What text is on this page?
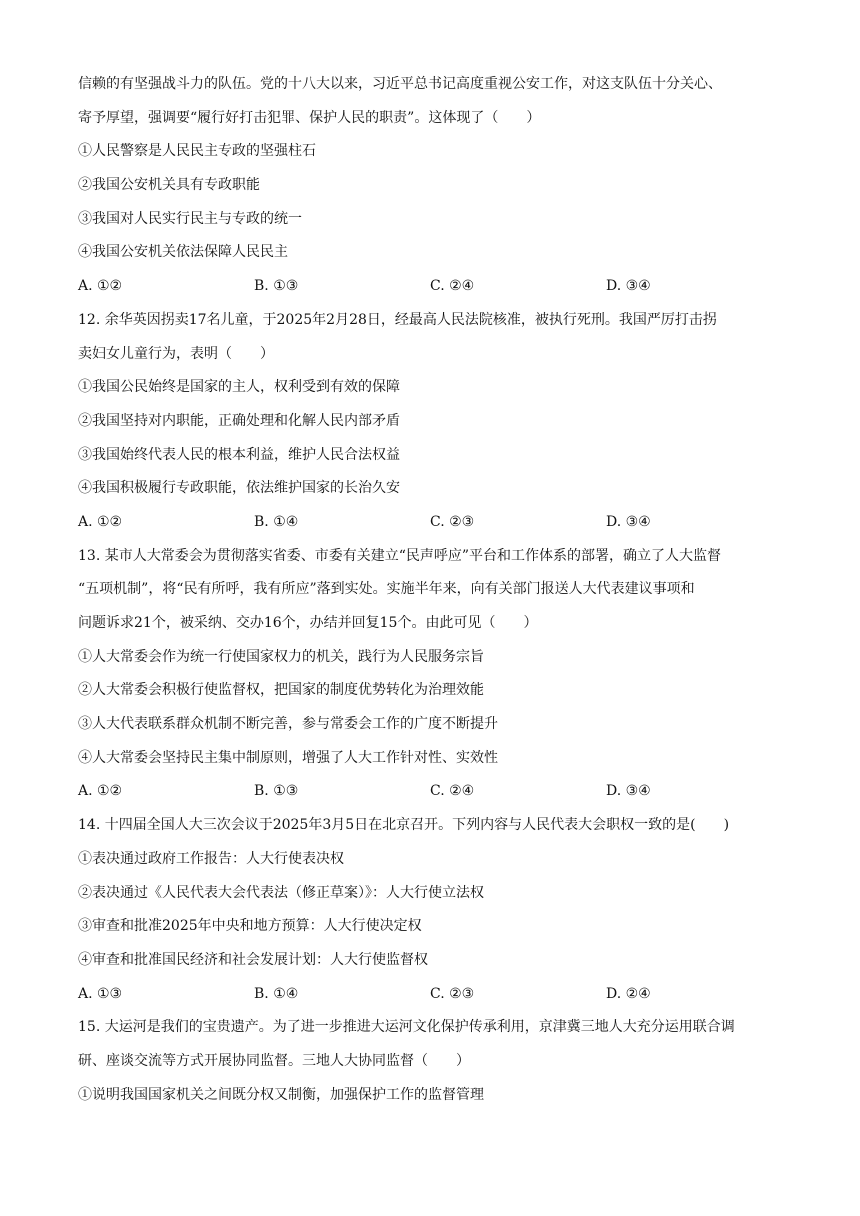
信赖的有坚强战斗力的队伍。党的十八大以来，习近平总书记高度重视公安工作，对这支队伍十分关心、
寄予厚望，强调要“履行好打击犯罪、保护人民的职责”。这体现了（　　）
①人民警察是人民民主专政的坚强柱石
②我国公安机关具有专政职能
③我国对人民实行民主与专政的统一
④我国公安机关依法保障人民民主
A. ①②	B. ①③	C. ②④	D. ③④
12. 余华英因拐卖17名儿童，于2025年2月28日，经最高人民法院核准，被执行死刑。我国严厉打击拐
卖妇女儿童行为，表明（　　）
①我国公民始终是国家的主人，权利受到有效的保障
②我国坚持对内职能，正确处理和化解人民内部矛盾
③我国始终代表人民的根本利益，维护人民合法权益
④我国积极履行专政职能，依法维护国家的长治久安
A. ①②	B. ①④	C. ②③	D. ③④
13. 某市人大常委会为贯彻落实省委、市委有关建立“民声呼应”平台和工作体系的部署，确立了人大监督
“五项机制”，将“民有所呼，我有所应”落到实处。实施半年来，向有关部门报送人大代表建议事项和
问题诉求21个，被采纳、交办16个，办结并回复15个。由此可见（　　）
①人大常委会作为统一行使国家权力的机关，践行为人民服务宗旨
②人大常委会积极行使监督权，把国家的制度优势转化为治理效能
③人大代表联系群众机制不断完善，参与常委会工作的广度不断提升
④人大常委会坚持民主集中制原则，增强了人大工作针对性、实效性
A. ①②	B. ①③	C. ②④	D. ③④
14. 十四届全国人大三次会议于2025年3月5日在北京召开。下列内容与人民代表大会职权一致的是(　　)
①表决通过政府工作报告：人大行使表决权
②表决通过《人民代表大会代表法（修正草案）》：人大行使立法权
③审查和批准2025年中央和地方预算：人大行使决定权
④审查和批准国民经济和社会发展计划：人大行使监督权
A. ①③	B. ①④	C. ②③	D. ②④
15. 大运河是我们的宝贵遗产。为了进一步推进大运河文化保护传承利用，京津冀三地人大充分运用联合调
研、座谈交流等方式开展协同监督。三地人大协同监督（　　）
①说明我国国家机关之间既分权又制衡，加强保护工作的监督管理
